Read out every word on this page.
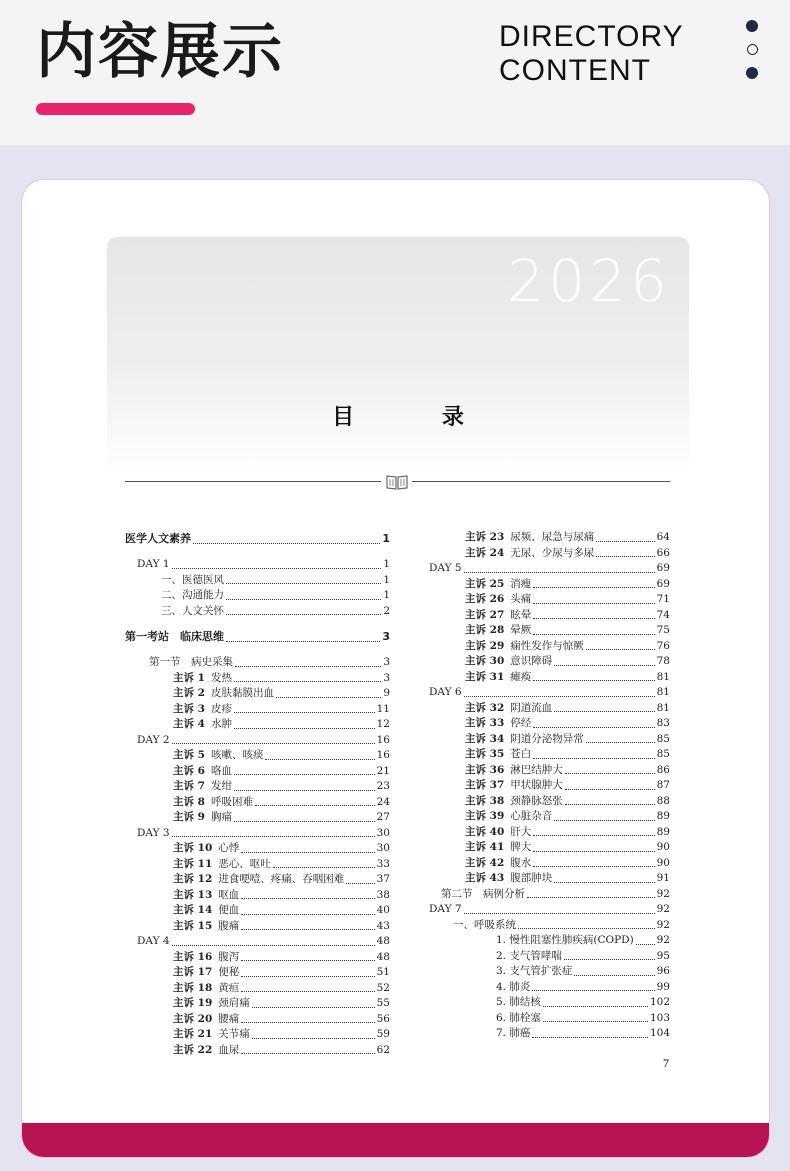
内容展示	DIRECTORY
CONTENT
2026
目 录
医学人文素养	1
DAY 1	1
一、医德医风	1
二、沟通能力	1
三、人文关怀	2
第一考站　临床思维	3
第一节　病史采集	3
主诉 1 发热	3
主诉 2 皮肤黏膜出血	9
主诉 3 皮疹	11
主诉 4 水肿	12
DAY 2	16
主诉 5 咳嗽、咳痰	16
主诉 6 咯血	21
主诉 7 发绀	23
主诉 8 呼吸困难	24
主诉 9 胸痛	27
DAY 3	30
主诉 10 心悸	30
主诉 11 恶心、呕吐	33
主诉 12 进食哽噎、疼痛、吞咽困难	37
主诉 13 呕血	38
主诉 14 便血	40
主诉 15 腹痛	43
DAY 4	48
主诉 16 腹泻	48
主诉 17 便秘	51
主诉 18 黄疸	52
主诉 19 颈肩痛	55
主诉 20 腰痛	56
主诉 21 关节痛	59
主诉 22 血尿	62
主诉 23 尿频、尿急与尿痛	64
主诉 24 无尿、少尿与多尿	66
DAY 5	69
主诉 25 消瘦	69
主诉 26 头痛	71
主诉 27 眩晕	74
主诉 28 晕厥	75
主诉 29 痫性发作与惊厥	76
主诉 30 意识障碍	78
主诉 31 瘫痪	81
DAY 6	81
主诉 32 阴道流血	81
主诉 33 停经	83
主诉 34 阴道分泌物异常	85
主诉 35 苍白	85
主诉 36 淋巴结肿大	86
主诉 37 甲状腺肿大	87
主诉 38 颈静脉怒张	88
主诉 39 心脏杂音	89
主诉 40 肝大	89
主诉 41 脾大	90
主诉 42 腹水	90
主诉 43 腹部肿块	91
第二节　病例分析	92
DAY 7	92
一、呼吸系统	92
1. 慢性阻塞性肺疾病(COPD) 92
2. 支气管哮喘	95
3. 支气管扩张症	96
4. 肺炎	99
5. 肺结核	102
6. 肺栓塞	103
7. 肺癌	104
7
